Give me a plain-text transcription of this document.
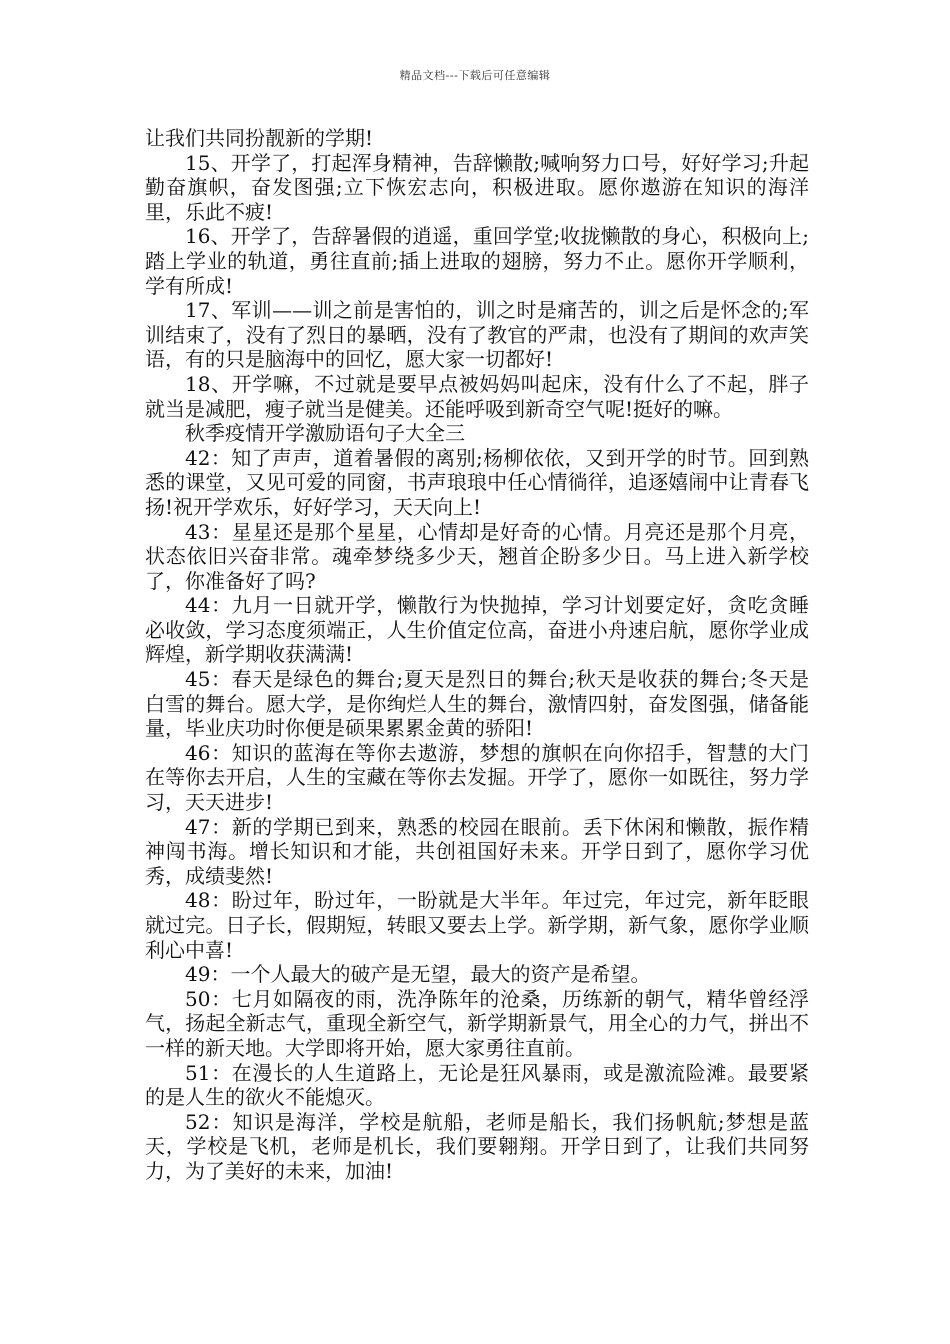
精品文档---下载后可任意编辑

让我们共同扮靓新的学期!

15、开学了，打起浑身精神，告辞懒散;喊响努力口号，好好学习;升起勤奋旗帜，奋发图强;立下恢宏志向，积极进取。愿你遨游在知识的海洋里，乐此不疲!

16、开学了，告辞暑假的逍遥，重回学堂;收拢懒散的身心，积极向上;踏上学业的轨道，勇往直前;插上进取的翅膀，努力不止。愿你开学顺利，学有所成!

17、军训——训之前是害怕的，训之时是痛苦的，训之后是怀念的;军训结束了，没有了烈日的暴晒，没有了教官的严肃，也没有了期间的欢声笑语，有的只是脑海中的回忆，愿大家一切都好!

18、开学嘛，不过就是要早点被妈妈叫起床，没有什么了不起，胖子就当是减肥，瘦子就当是健美。还能呼吸到新奇空气呢!挺好的嘛。

秋季疫情开学激励语句子大全三

42：知了声声，道着暑假的离别;杨柳依依，又到开学的时节。回到熟悉的课堂，又见可爱的同窗，书声琅琅中任心情徜徉，追逐嬉闹中让青春飞扬!祝开学欢乐，好好学习，天天向上!

43：星星还是那个星星，心情却是好奇的心情。月亮还是那个月亮，状态依旧兴奋非常。魂牵梦绕多少天，翘首企盼多少日。马上进入新学校了，你准备好了吗?

44：九月一日就开学，懒散行为快抛掉，学习计划要定好，贪吃贪睡必收敛，学习态度须端正，人生价值定位高，奋进小舟速启航，愿你学业成辉煌，新学期收获满满!

45：春天是绿色的舞台;夏天是烈日的舞台;秋天是收获的舞台;冬天是白雪的舞台。愿大学，是你绚烂人生的舞台，激情四射，奋发图强，储备能量，毕业庆功时你便是硕果累累金黄的骄阳!

46：知识的蓝海在等你去遨游，梦想的旗帜在向你招手，智慧的大门在等你去开启，人生的宝藏在等你去发掘。开学了，愿你一如既往，努力学习，天天进步!

47：新的学期已到来，熟悉的校园在眼前。丢下休闲和懒散，振作精神闯书海。增长知识和才能，共创祖国好未来。开学日到了，愿你学习优秀，成绩斐然!

48：盼过年，盼过年，一盼就是大半年。年过完，年过完，新年眨眼就过完。日子长，假期短，转眼又要去上学。新学期，新气象，愿你学业顺利心中喜!

49：一个人最大的破产是无望，最大的资产是希望。

50：七月如隔夜的雨，洗净陈年的沧桑，历练新的朝气，精华曾经浮气，扬起全新志气，重现全新空气，新学期新景气，用全心的力气，拼出不一样的新天地。大学即将开始，愿大家勇往直前。

51：在漫长的人生道路上，无论是狂风暴雨，或是激流险滩。最要紧的是人生的欲火不能熄灭。

52：知识是海洋，学校是航船，老师是船长，我们扬帆航;梦想是蓝天，学校是飞机，老师是机长，我们要翱翔。开学日到了，让我们共同努力，为了美好的未来，加油!
